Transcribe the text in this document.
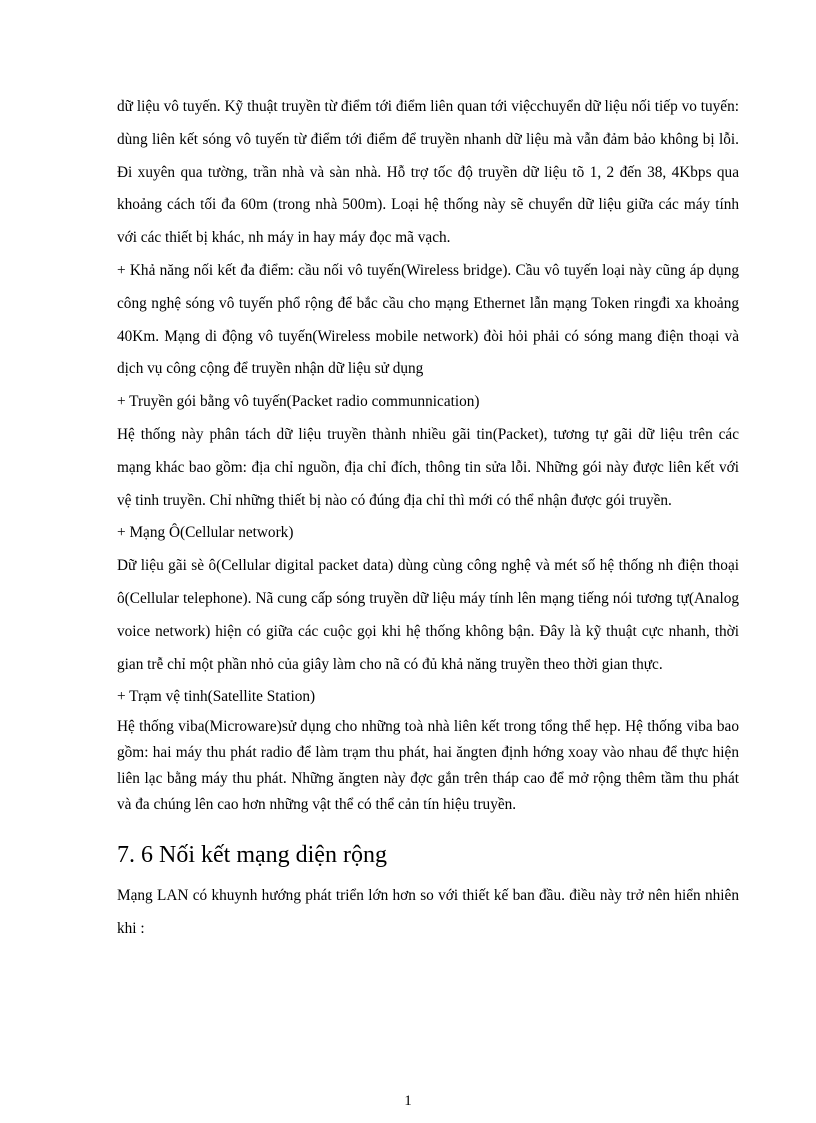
dữ liệu vô tuyến. Kỹ thuật truyền từ điểm tới điểm liên quan tới việcchuyển dữ liệu nối tiếp vo tuyến: dùng liên kết sóng vô tuyến từ điểm tới điểm để truyền nhanh dữ liệu mà vẫn đảm bảo không bị lỗi. Đi xuyên qua tường, trần nhà và sàn nhà. Hỗ trợ tốc độ truyền dữ liệu tõ 1, 2 đến 38, 4Kbps qua khoảng cách tối đa 60m (trong nhà 500m). Loại hệ thống này sẽ chuyển dữ liệu giữa các máy tính với các thiết bị khác, nh máy in hay máy đọc mã vạch.

+ Khả năng nối kết đa điểm: cầu nối vô tuyến(Wireless bridge). Cầu vô tuyến loại này cũng áp dụng công nghệ sóng vô tuyến phổ rộng để bắc cầu cho mạng Ethernet lẫn mạng Token ringđi xa khoảng 40Km. Mạng di động vô tuyến(Wireless mobile network) đòi hỏi phải có sóng mang điện thoại và dịch vụ công cộng để truyền nhận dữ liệu sử dụng

+ Truyền gói bằng vô tuyến(Packet radio communnication)

Hệ thống này phân tách dữ liệu truyền thành nhiều gãi tin(Packet), tương tự gãi dữ liệu trên các mạng khác bao gồm: địa chỉ nguồn, địa chỉ đích, thông tin sửa lỗi. Những gói này được liên kết với vệ tinh truyền. Chỉ những thiết bị nào có đúng địa chỉ thì mới có thể nhận được gói truyền.

+ Mạng Ô(Cellular network)

Dữ liệu gãi sè ô(Cellular digital packet data) dùng cùng công nghệ và mét số hệ thống nh điện thoại ô(Cellular telephone). Nã cung cấp sóng truyền dữ liệu máy tính lên mạng tiếng nói tương tự(Analog voice network) hiện có giữa các cuộc gọi khi hệ thống không bận. Đây là kỹ thuật cực nhanh, thời gian trễ chỉ một phần nhỏ của giây làm cho nã có đủ khả năng truyền theo thời gian thực.

+ Trạm vệ tinh(Satellite Station)

Hệ thống viba(Microware)sử dụng cho những toà nhà liên kết trong tổng thể hẹp. Hệ thống viba bao gồm: hai máy thu phát radio để làm trạm thu phát, hai ăngten định hớng xoay vào nhau để thực hiện liên lạc bằng máy thu phát. Những ăngten này đợc gắn trên tháp cao để mở rộng thêm tầm thu phát và đa chúng lên cao hơn những vật thể có thể cản tín hiệu truyền.

7. 6 Nối kết mạng diện rộng

Mạng LAN có khuynh hướng phát triển lớn hơn so với thiết kế ban đầu. điều này trở nên hiển nhiên khi :

1
